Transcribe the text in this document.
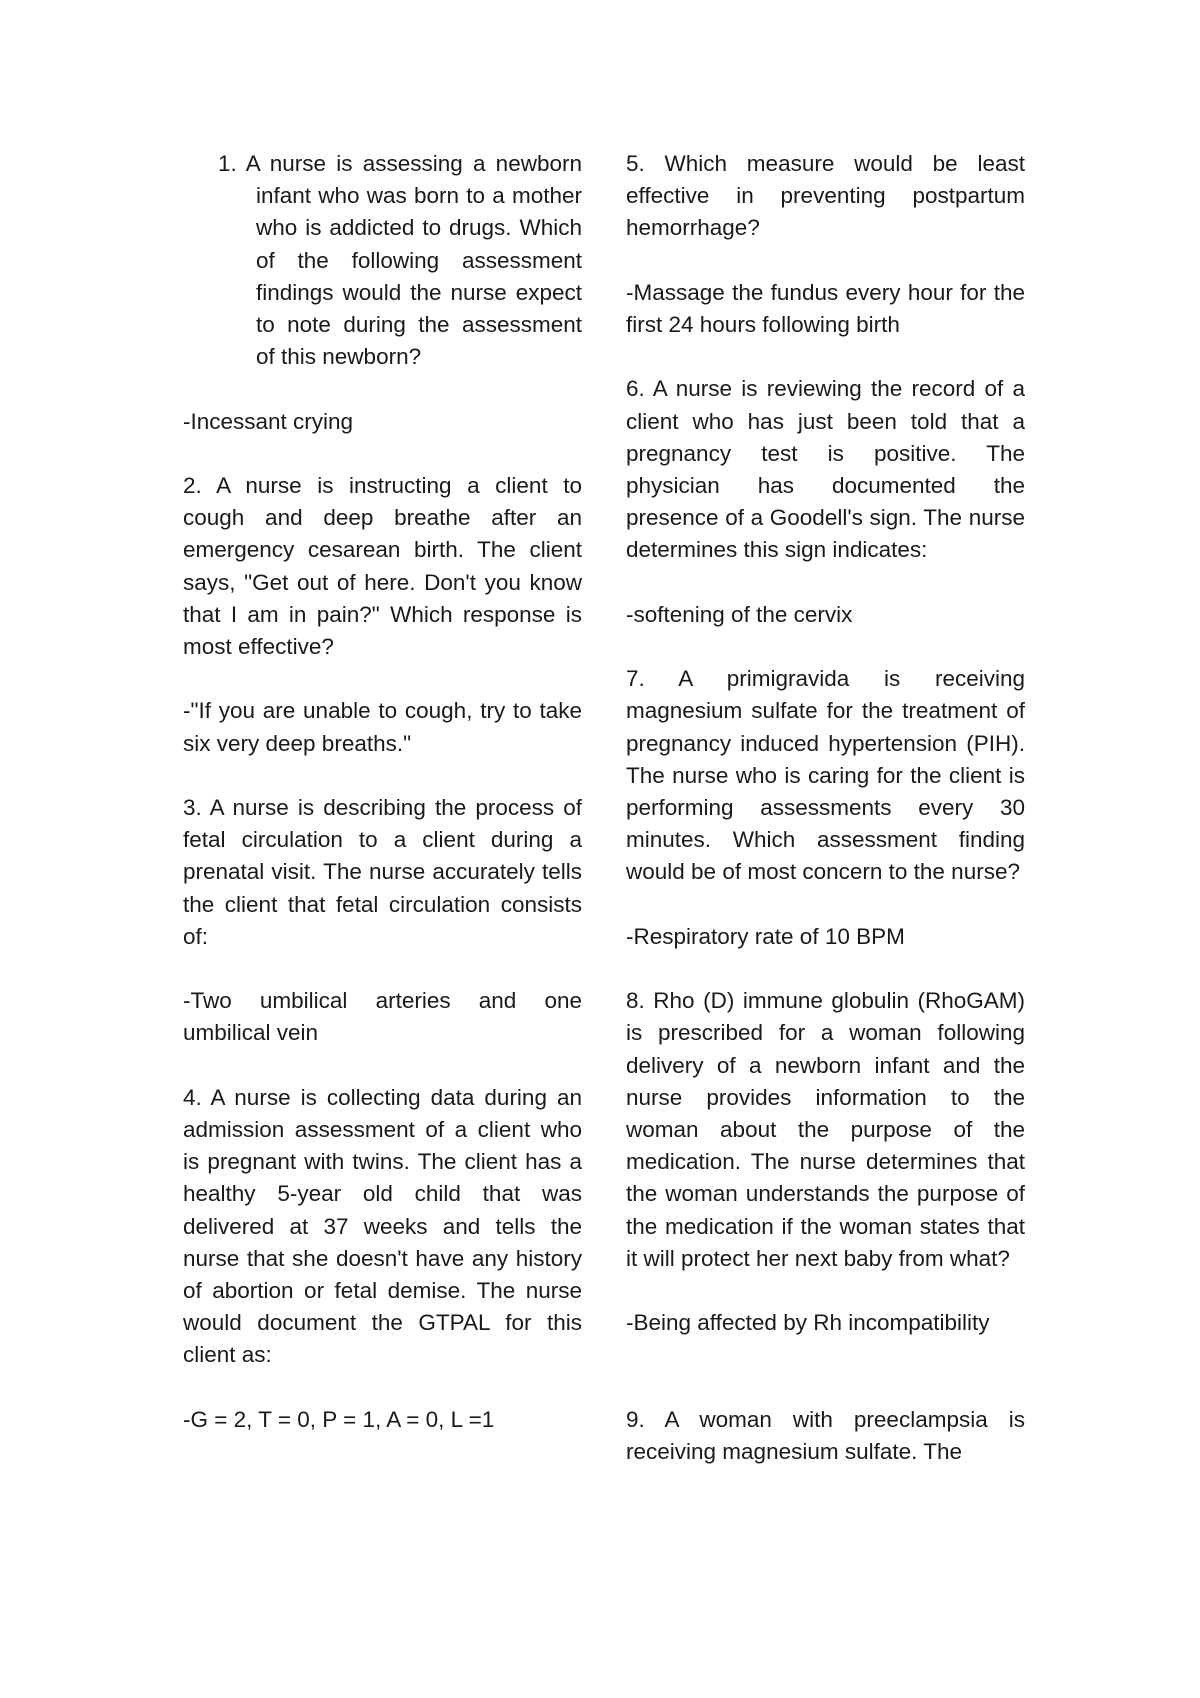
1. A nurse is assessing a newborn infant who was born to a mother who is addicted to drugs. Which of the following assessment findings would the nurse expect to note during the assessment of this newborn?

-Incessant crying

2. A nurse is instructing a client to cough and deep breathe after an emergency cesarean birth. The client says, "Get out of here. Don't you know that I am in pain?" Which response is most effective?

-"If you are unable to cough, try to take six very deep breaths."

3. A nurse is describing the process of fetal circulation to a client during a prenatal visit. The nurse accurately tells the client that fetal circulation consists of:

-Two umbilical arteries and one umbilical vein

4. A nurse is collecting data during an admission assessment of a client who is pregnant with twins. The client has a healthy 5-year old child that was delivered at 37 weeks and tells the nurse that she doesn't have any history of abortion or fetal demise. The nurse would document the GTPAL for this client as:

-G = 2, T = 0, P = 1, A = 0, L =1

5. Which measure would be least effective in preventing postpartum hemorrhage?

-Massage the fundus every hour for the first 24 hours following birth

6. A nurse is reviewing the record of a client who has just been told that a pregnancy test is positive. The physician has documented the presence of a Goodell's sign. The nurse determines this sign indicates:

-softening of the cervix

7. A primigravida is receiving magnesium sulfate for the treatment of pregnancy induced hypertension (PIH). The nurse who is caring for the client is performing assessments every 30 minutes. Which assessment finding would be of most concern to the nurse?

-Respiratory rate of 10 BPM

8. Rho (D) immune globulin (RhoGAM) is prescribed for a woman following delivery of a newborn infant and the nurse provides information to the woman about the purpose of the medication. The nurse determines that the woman understands the purpose of the medication if the woman states that it will protect her next baby from what?

-Being affected by Rh incompatibility

9. A woman with preeclampsia is receiving magnesium sulfate. The
